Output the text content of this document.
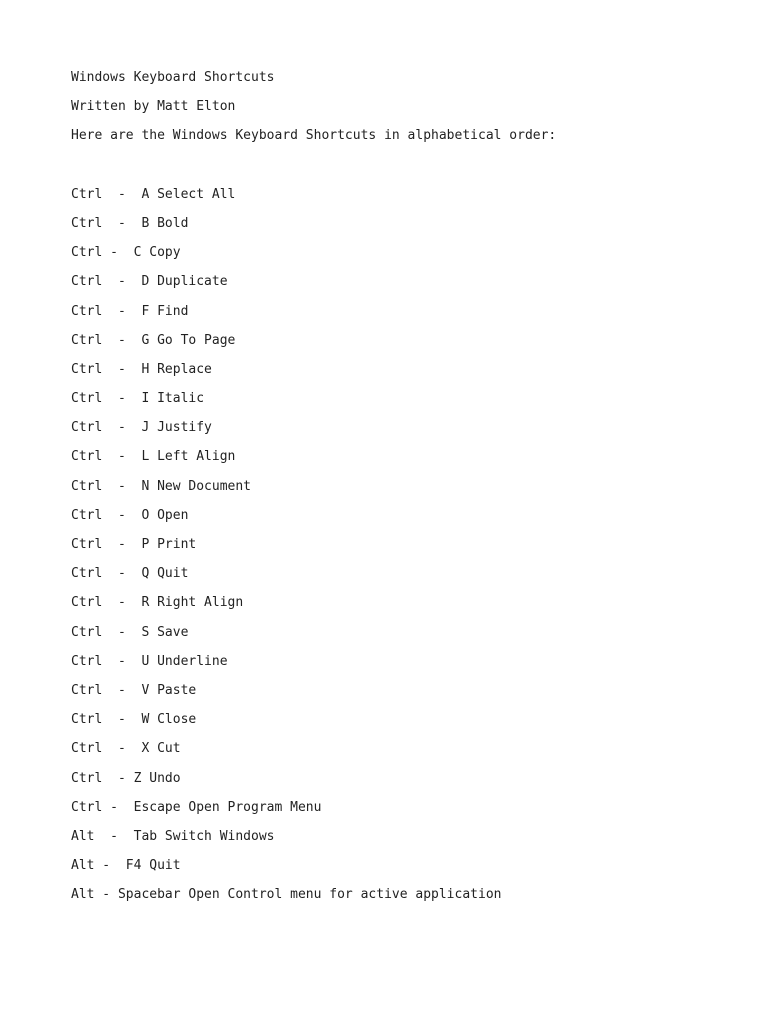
Windows Keyboard Shortcuts
Written by Matt Elton
Here are the Windows Keyboard Shortcuts in alphabetical order:
Ctrl  -  A Select All
Ctrl  -  B Bold
Ctrl -  C Copy
Ctrl  -  D Duplicate
Ctrl  -  F Find
Ctrl  -  G Go To Page
Ctrl  -  H Replace
Ctrl  -  I Italic
Ctrl  -  J Justify
Ctrl  -  L Left Align
Ctrl  -  N New Document
Ctrl  -  O Open
Ctrl  -  P Print
Ctrl  -  Q Quit
Ctrl  -  R Right Align
Ctrl  -  S Save
Ctrl  -  U Underline
Ctrl  -  V Paste
Ctrl  -  W Close
Ctrl  -  X Cut
Ctrl  - Z Undo
Ctrl -  Escape Open Program Menu
Alt  -  Tab Switch Windows
Alt -  F4 Quit
Alt - Spacebar Open Control menu for active application
